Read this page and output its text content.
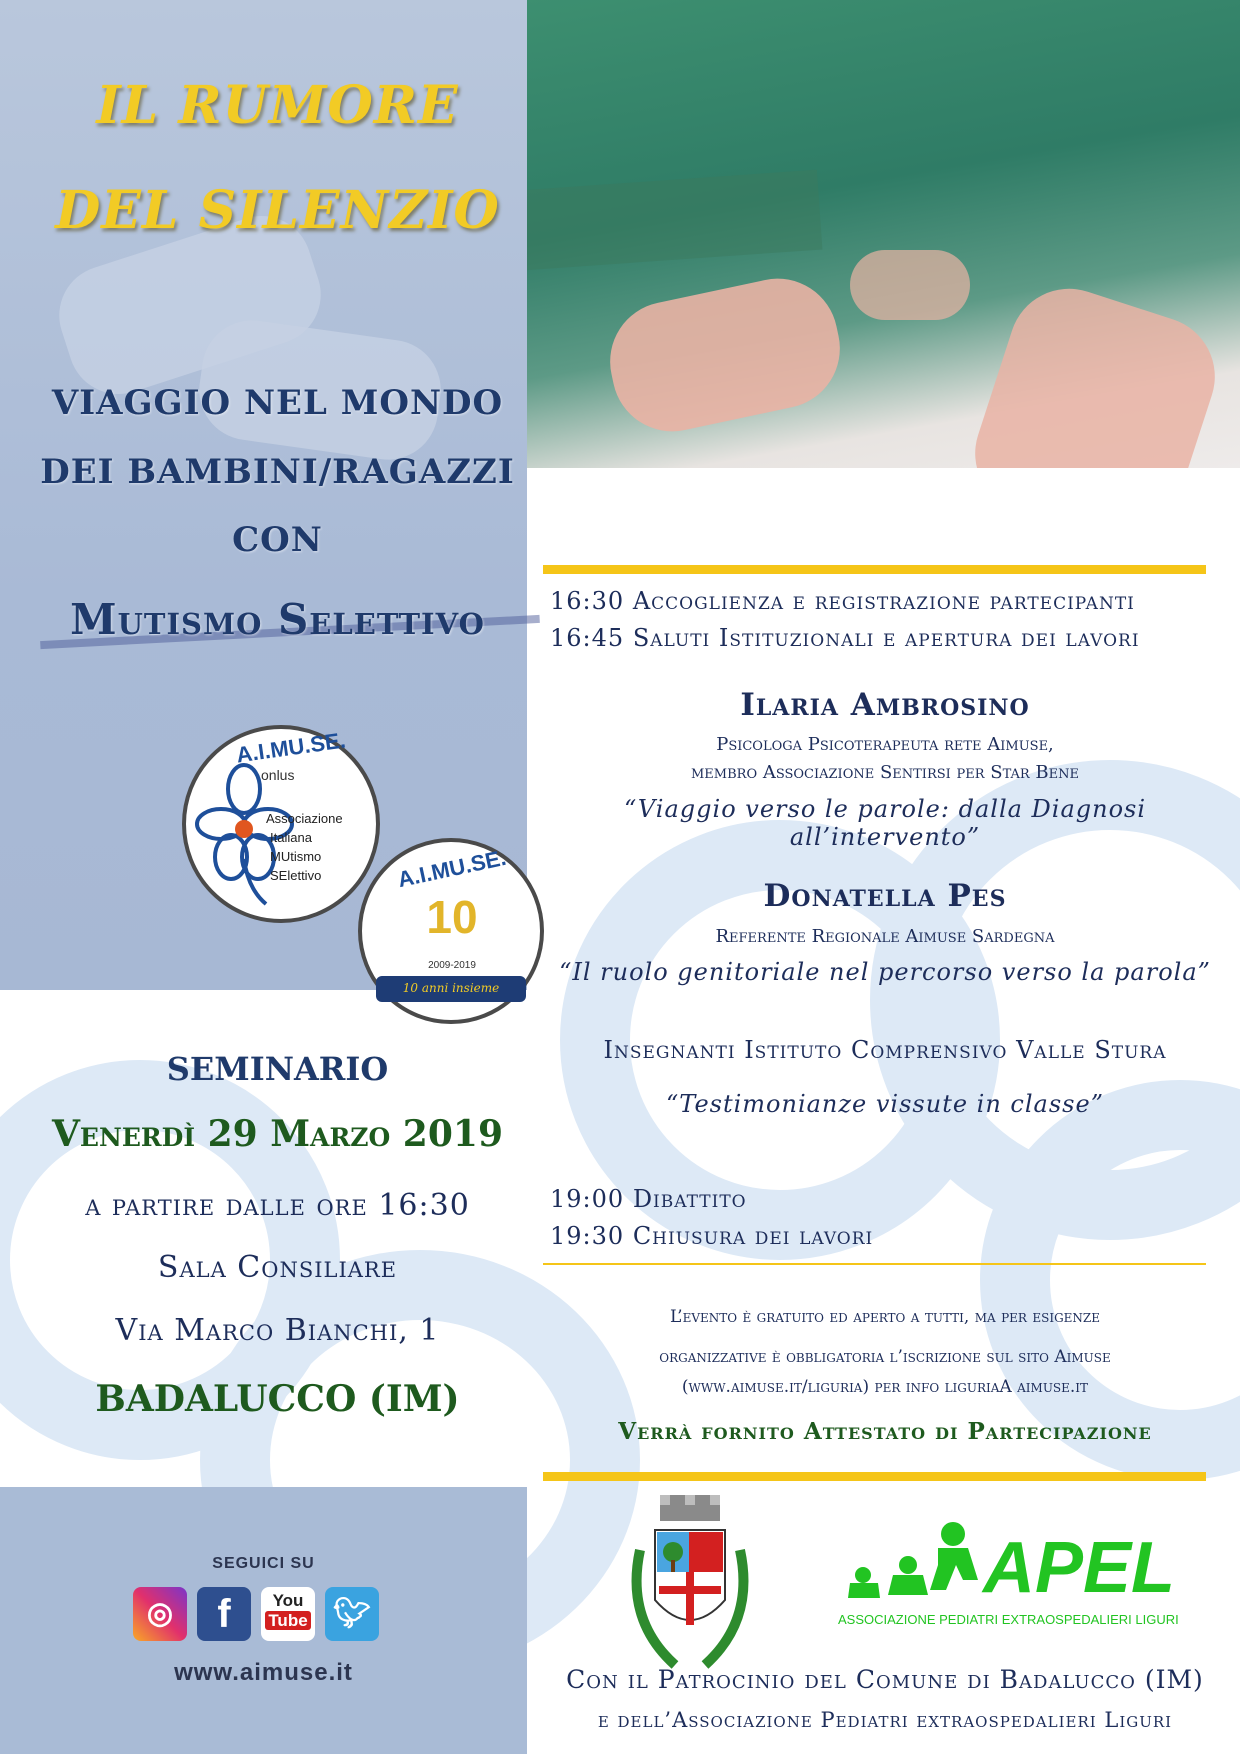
IL RUMORE
DEL SILENZIO
VIAGGIO NEL MONDO
DEI BAMBINI/RAGAZZI
CON
Mutismo Selettivo
A.I.MU.SE.
onlus
Associazione
Italiana
MUtismo
SElettivo	A.I.MU.SE.
10
2009-2019
10 anni insieme
SEMINARIO
Venerdì 29 Marzo 2019
a partire dalle ore 16:30
Sala Consiliare
Via Marco Bianchi, 1
BADALUCCO (IM)
SEGUICI SU
◎	f	You
Tube 🐦︎
www.aimuse.it
16:30 Accoglienza e registrazione partecipanti
16:45 Saluti Istituzionali e apertura dei lavori
Ilaria Ambrosino
Psicologa Psicoterapeuta rete Aimuse,
membro Associazione Sentirsi per Star Bene
“Viaggio verso le parole: dalla Diagnosi all’intervento”
Donatella Pes
Referente Regionale Aimuse Sardegna
“Il ruolo genitoriale nel percorso verso la parola”
Insegnanti Istituto Comprensivo Valle Stura
“Testimonianze vissute in classe”
19:00 Dibattito
19:30 Chiusura dei lavori
L’evento è gratuito ed aperto a tutti, ma per esigenze
organizzative è obbligatoria l’iscrizione sul sito Aimuse
(www.aimuse.it/liguria) per info liguriaA aimuse.it
Verrà fornito Attestato di Partecipazione
APEL
ASSOCIAZIONE PEDIATRI EXTRAOSPEDALIERI LIGURI
Con il Patrocinio del Comune di Badalucco (IM)
e dell’Associazione Pediatri extraospedalieri Liguri
